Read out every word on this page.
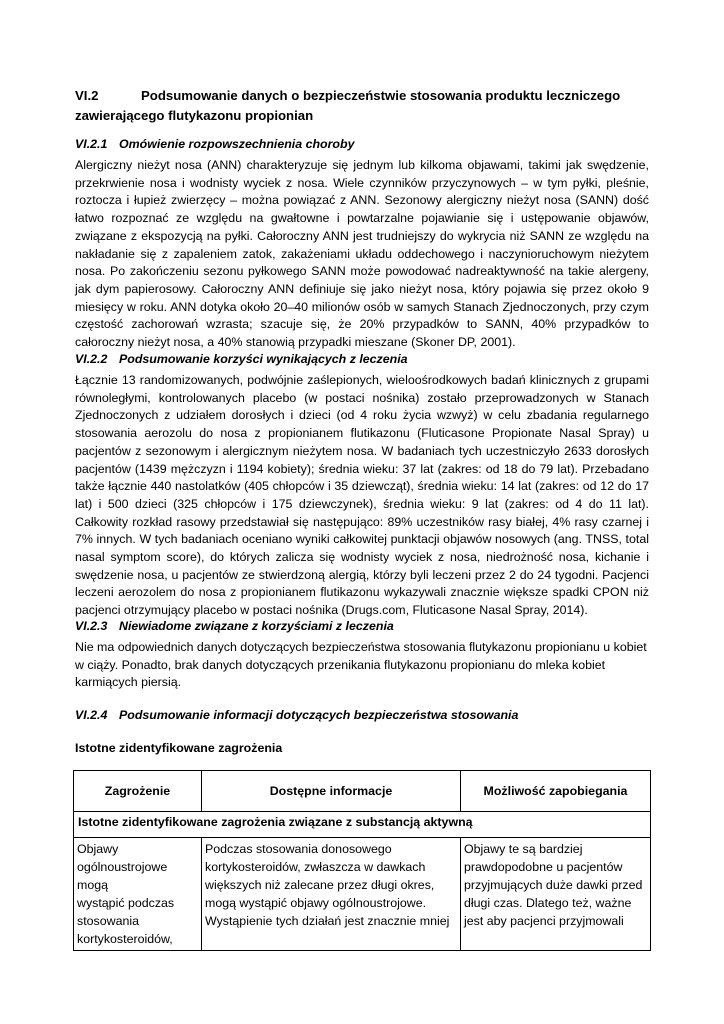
VI.2	Podsumowanie danych o bezpieczeństwie stosowania produktu leczniczego
zawierającego flutykazonu propionian
VI.2.1 Omówienie rozpowszechnienia choroby

Alergiczny nieżyt nosa (ANN) charakteryzuje się jednym lub kilkoma objawami, takimi jak swędzenie, przekrwienie nosa i wodnisty wyciek z nosa. Wiele czynników przyczynowych – w tym pyłki, pleśnie, roztocza i łupież zwierzęcy – można powiązać z ANN. Sezonowy alergiczny nieżyt nosa (SANN) dość łatwo rozpoznać ze względu na gwałtowne i powtarzalne pojawianie się i ustępowanie objawów, związane z ekspozycją na pyłki. Całoroczny ANN jest trudniejszy do wykrycia niż SANN ze względu na nakładanie się z zapaleniem zatok, zakażeniami układu oddechowego i naczynioruchowym nieżytem nosa. Po zakończeniu sezonu pyłkowego SANN może powodować nadreaktywność na takie alergeny, jak dym papierosowy. Całoroczny ANN definiuje się jako nieżyt nosa, który pojawia się przez około 9 miesięcy w roku. ANN dotyka około 20–40 milionów osób w samych Stanach Zjednoczonych, przy czym częstość zachorowań wzrasta; szacuje się, że 20% przypadków to SANN, 40% przypadków to całoroczny nieżyt nosa, a 40% stanowią przypadki mieszane (Skoner DP, 2001).

VI.2.2 Podsumowanie korzyści wynikających z leczenia

Łącznie 13 randomizowanych, podwójnie zaślepionych, wieloośrodkowych badań klinicznych z grupami równoległymi, kontrolowanych placebo (w postaci nośnika) zostało przeprowadzonych w Stanach Zjednoczonych z udziałem dorosłych i dzieci (od 4 roku życia wzwyż) w celu zbadania regularnego stosowania aerozolu do nosa z propionianem flutikazonu (Fluticasone Propionate Nasal Spray) u pacjentów z sezonowym i alergicznym nieżytem nosa. W badaniach tych uczestniczyło 2633 dorosłych pacjentów (1439 mężczyzn i 1194 kobiety); średnia wieku: 37 lat (zakres: od 18 do 79 lat). Przebadano także łącznie 440 nastolatków (405 chłopców i 35 dziewcząt), średnia wieku: 14 lat (zakres: od 12 do 17 lat) i 500 dzieci (325 chłopców i 175 dziewczynek), średnia wieku: 9 lat (zakres: od 4 do 11 lat). Całkowity rozkład rasowy przedstawiał się następująco: 89% uczestników rasy białej, 4% rasy czarnej i 7% innych. W tych badaniach oceniano wyniki całkowitej punktacji objawów nosowych (ang. TNSS, total nasal symptom score), do których zalicza się wodnisty wyciek z nosa, niedrożność nosa, kichanie i swędzenie nosa, u pacjentów ze stwierdzoną alergią, którzy byli leczeni przez 2 do 24 tygodni. Pacjenci leczeni aerozolem do nosa z propionianem flutikazonu wykazywali znacznie większe spadki CPON niż pacjenci otrzymujący placebo w postaci nośnika (Drugs.com, Fluticasone Nasal Spray, 2014).

VI.2.3 Niewiadome związane z korzyściami z leczenia

Nie ma odpowiednich danych dotyczących bezpieczeństwa stosowania flutykazonu propionianu u kobiet
w ciąży. Ponadto, brak danych dotyczących przenikania flutykazonu propionianu do mleka kobiet
karmiących piersią.

VI.2.4 Podsumowanie informacji dotyczących bezpieczeństwa stosowania
Istotne zidentyfikowane zagrożenia
Zagrożenie	Dostępne informacje	Możliwość zapobiegania
Istotne zidentyfikowane zagrożenia związane z substancją aktywną		
Objawy
ogólnoustrojowe mogą
wystąpić podczas
stosowania
kortykosteroidów,	Podczas stosowania donosowego
kortykosteroidów, zwłaszcza w dawkach
większych niż zalecane przez długi okres,
mogą wystąpić objawy ogólnoustrojowe.
Wystąpienie tych działań jest znacznie mniej	Objawy te są bardziej
prawdopodobne u pacjentów
przyjmujących duże dawki przed
długi czas. Dlatego też, ważne
jest aby pacjenci przyjmowali
